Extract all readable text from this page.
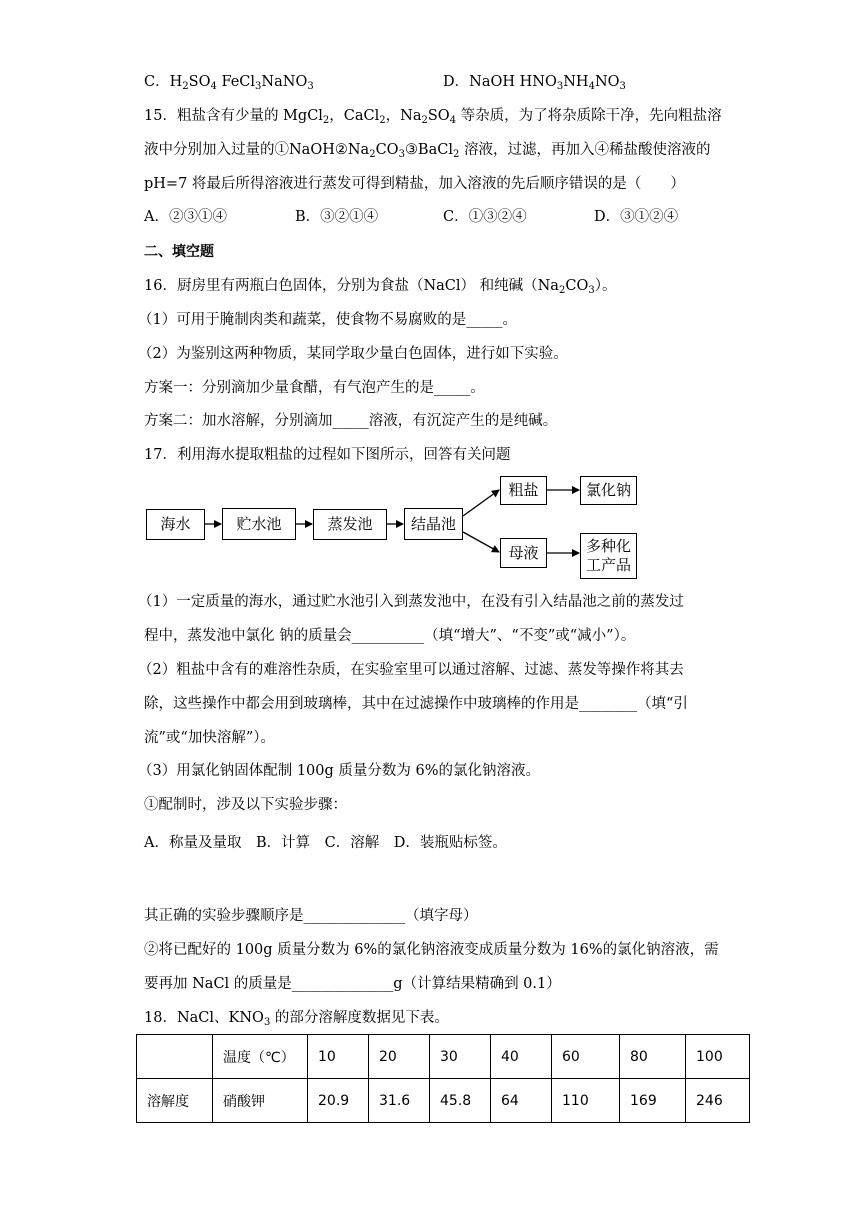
C．$H_2SO_4$ FeCl$_3$NaNO$_3$	D．NaOH $HNO_3NH_4NO_3$
15．粗盐含有少量的 MgCl$_2$，CaCl$_2$，$Na_2SO_4$ 等杂质，为了将杂质除干净，先向粗盐溶
液中分别加入过量的$①NaOH②Na_2CO_3③BaCl_2$ 溶液，过滤，再加入④稀盐酸使溶液的
pH=7 将最后所得溶液进行蒸发可得到精盐，加入溶液的先后顺序错误的是（　　）
A．②③①④	B．③②①④	C．①③②④	D．③①②④
二、填空题
16．厨房里有两瓶白色固体，分别为食盐（NaCl） 和纯碱$(Na_2CO_3)$。
（1）可用于腌制肉类和蔬菜，使食物不易腐败的是_____。
（2）为鉴别这两种物质，某同学取少量白色固体，进行如下实验。
方案一：分别滴加少量食醋，有气泡产生的是_____。
方案二：加水溶解，分别滴加_____溶液，有沉淀产生的是纯碱。
17．利用海水提取粗盐的过程如下图所示，回答有关问题
海水	贮水池	蒸发池	结晶池
粗盐	氯化钠
母液	多种化
工产品
（1）一定质量的海水，通过贮水池引入到蒸发池中，在没有引入结晶池之前的蒸发过
程中，蒸发池中氯化 钠的质量会__________（填“增大”、“不变”或“减小”）。
（2）粗盐中含有的难溶性杂质，在实验室里可以通过溶解、过滤、蒸发等操作将其去
除，这些操作中都会用到玻璃棒，其中在过滤操作中玻璃棒的作用是________（填“引
流”或“加快溶解”）。
（3）用氯化钠固体配制 100g 质量分数为 6%的氯化钠溶液。
①配制时，涉及以下实验步骤：
A．称量及量取　B．计算　C．溶解　D．装瓶贴标签。
其正确的实验步骤顺序是______________（填字母）
②将已配好的 100g 质量分数为 6%的氯化钠溶液变成质量分数为 16%的氯化钠溶液，需
要再加 NaCl 的质量是______________g（计算结果精确到 0.1）
18．NaCl、$KNO_3$ 的部分溶解度数据见下表。
	温度（℃）	10	20	30	40	60	80	100
溶解度	硝酸钾	20.9	31.6	45.8	64	110	169	246
